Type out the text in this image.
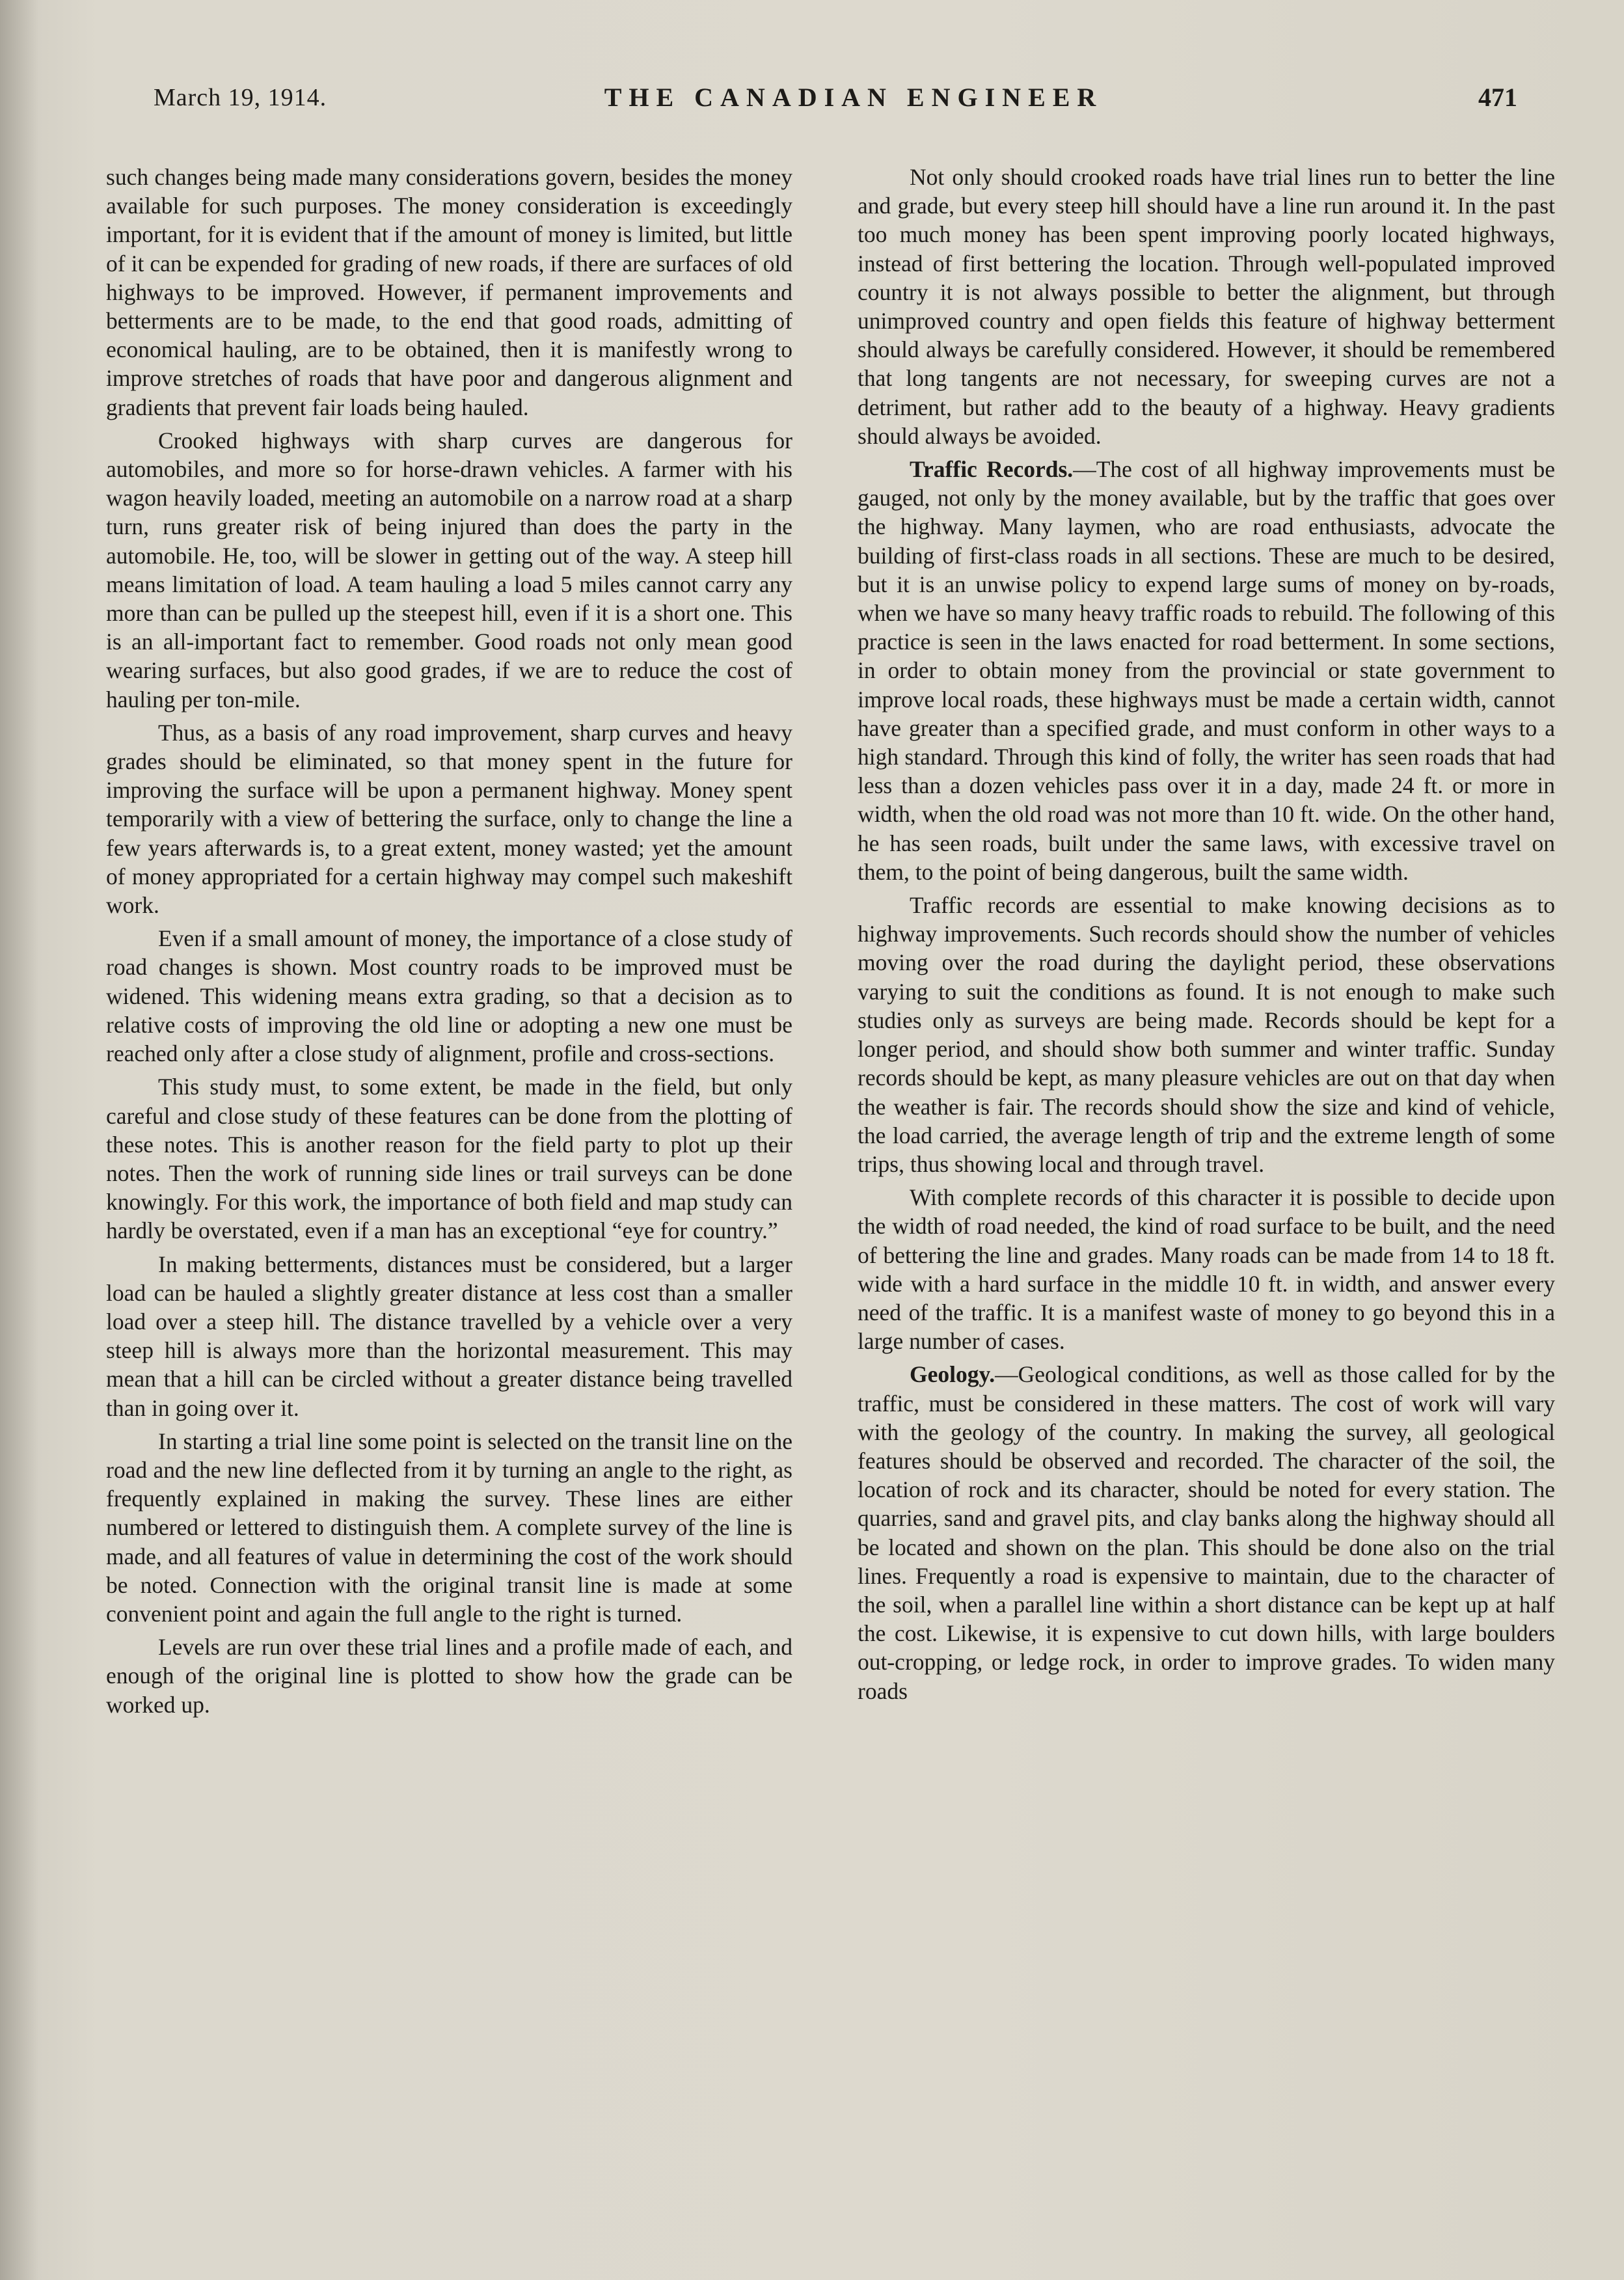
March 19, 1914.	THE CANADIAN ENGINEER	471

such changes being made many considerations govern, besides the money available for such purposes. The money consideration is exceedingly important, for it is evident that if the amount of money is limited, but little of it can be expended for grading of new roads, if there are surfaces of old highways to be improved. However, if permanent improvements and betterments are to be made, to the end that good roads, admitting of economical hauling, are to be obtained, then it is manifestly wrong to improve stretches of roads that have poor and dangerous alignment and gradients that prevent fair loads being hauled.

Crooked highways with sharp curves are dangerous for automobiles, and more so for horse-drawn vehicles. A farmer with his wagon heavily loaded, meeting an automobile on a narrow road at a sharp turn, runs greater risk of being injured than does the party in the automobile. He, too, will be slower in getting out of the way. A steep hill means limitation of load. A team hauling a load 5 miles cannot carry any more than can be pulled up the steepest hill, even if it is a short one. This is an all-important fact to remember. Good roads not only mean good wearing surfaces, but also good grades, if we are to reduce the cost of hauling per ton-mile.

Thus, as a basis of any road improvement, sharp curves and heavy grades should be eliminated, so that money spent in the future for improving the surface will be upon a permanent highway. Money spent temporarily with a view of bettering the surface, only to change the line a few years afterwards is, to a great extent, money wasted; yet the amount of money appropriated for a certain highway may compel such makeshift work.

Even if a small amount of money, the importance of a close study of road changes is shown. Most country roads to be improved must be widened. This widening means extra grading, so that a decision as to relative costs of improving the old line or adopting a new one must be reached only after a close study of alignment, profile and cross-sections.

This study must, to some extent, be made in the field, but only careful and close study of these features can be done from the plotting of these notes. This is another reason for the field party to plot up their notes. Then the work of running side lines or trail surveys can be done knowingly. For this work, the importance of both field and map study can hardly be overstated, even if a man has an exceptional “eye for country.”

In making betterments, distances must be considered, but a larger load can be hauled a slightly greater distance at less cost than a smaller load over a steep hill. The distance travelled by a vehicle over a very steep hill is always more than the horizontal measurement. This may mean that a hill can be circled without a greater distance being travelled than in going over it.

In starting a trial line some point is selected on the transit line on the road and the new line deflected from it by turning an angle to the right, as frequently explained in making the survey. These lines are either numbered or lettered to distinguish them. A complete survey of the line is made, and all features of value in determining the cost of the work should be noted. Connection with the original transit line is made at some convenient point and again the full angle to the right is turned.

Levels are run over these trial lines and a profile made of each, and enough of the original line is plotted to show how the grade can be worked up.

Not only should crooked roads have trial lines run to better the line and grade, but every steep hill should have a line run around it. In the past too much money has been spent improving poorly located highways, instead of first bettering the location. Through well-populated improved country it is not always possible to better the alignment, but through unimproved country and open fields this feature of highway betterment should always be carefully considered. However, it should be remembered that long tangents are not necessary, for sweeping curves are not a detriment, but rather add to the beauty of a highway. Heavy gradients should always be avoided.

Traffic Records.—The cost of all highway improvements must be gauged, not only by the money available, but by the traffic that goes over the highway. Many laymen, who are road enthusiasts, advocate the building of first-class roads in all sections. These are much to be desired, but it is an unwise policy to expend large sums of money on by-roads, when we have so many heavy traffic roads to rebuild. The following of this practice is seen in the laws enacted for road betterment. In some sections, in order to obtain money from the provincial or state government to improve local roads, these highways must be made a certain width, cannot have greater than a specified grade, and must conform in other ways to a high standard. Through this kind of folly, the writer has seen roads that had less than a dozen vehicles pass over it in a day, made 24 ft. or more in width, when the old road was not more than 10 ft. wide. On the other hand, he has seen roads, built under the same laws, with excessive travel on them, to the point of being dangerous, built the same width.

Traffic records are essential to make knowing decisions as to highway improvements. Such records should show the number of vehicles moving over the road during the daylight period, these observations varying to suit the conditions as found. It is not enough to make such studies only as surveys are being made. Records should be kept for a longer period, and should show both summer and winter traffic. Sunday records should be kept, as many pleasure vehicles are out on that day when the weather is fair. The records should show the size and kind of vehicle, the load carried, the average length of trip and the extreme length of some trips, thus showing local and through travel.

With complete records of this character it is possible to decide upon the width of road needed, the kind of road surface to be built, and the need of bettering the line and grades. Many roads can be made from 14 to 18 ft. wide with a hard surface in the middle 10 ft. in width, and answer every need of the traffic. It is a manifest waste of money to go beyond this in a large number of cases.

Geology.—Geological conditions, as well as those called for by the traffic, must be considered in these matters. The cost of work will vary with the geology of the country. In making the survey, all geological features should be observed and recorded. The character of the soil, the location of rock and its character, should be noted for every station. The quarries, sand and gravel pits, and clay banks along the highway should all be located and shown on the plan. This should be done also on the trial lines. Frequently a road is expensive to maintain, due to the character of the soil, when a parallel line within a short distance can be kept up at half the cost. Likewise, it is expensive to cut down hills, with large boulders out-cropping, or ledge rock, in order to improve grades. To widen many roads
